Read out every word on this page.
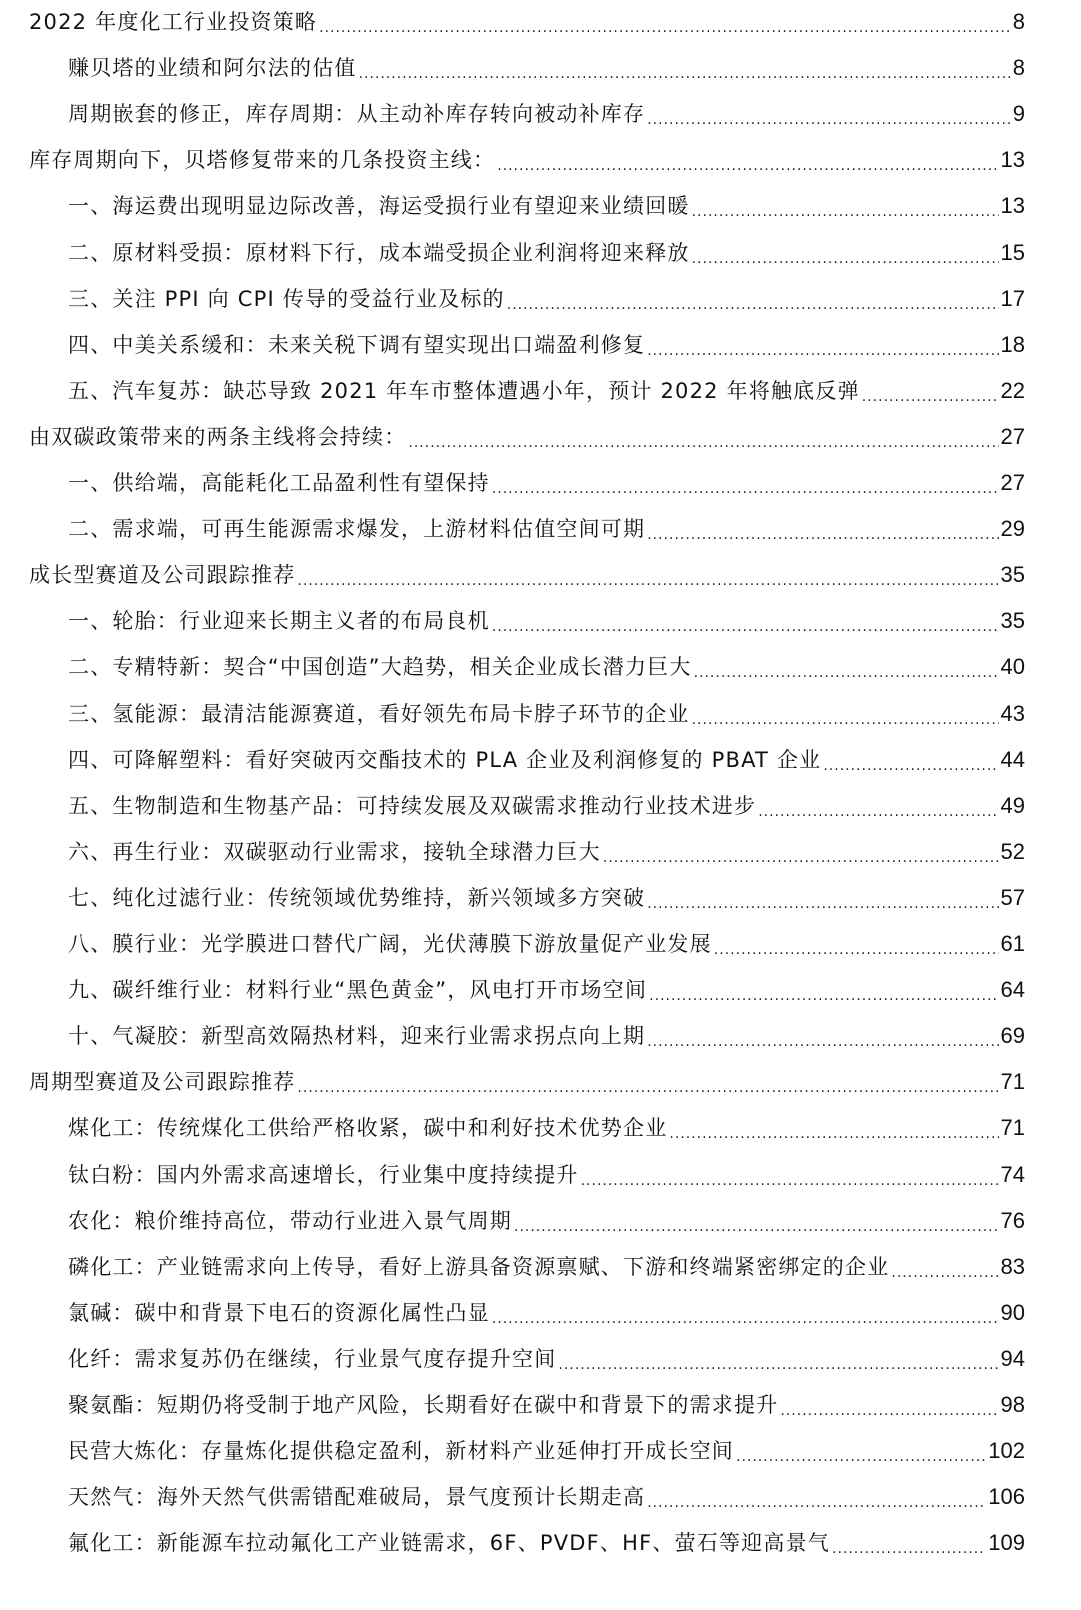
2022 年度化工行业投资策略 .....	8
赚贝塔的业绩和阿尔法的估值 .....	8
周期嵌套的修正，库存周期：从主动补库存转向被动补库存 .....	9
库存周期向下，贝塔修复带来的几条投资主线： .....	13
一、海运费出现明显边际改善，海运受损行业有望迎来业绩回暖 .....	13
二、原材料受损：原材料下行，成本端受损企业利润将迎来释放 .....	15
三、关注 PPI 向 CPI 传导的受益行业及标的 .....	17
四、中美关系缓和：未来关税下调有望实现出口端盈利修复 .....	18
五、汽车复苏：缺芯导致 2021 年车市整体遭遇小年，预计 2022 年将触底反弹 .....	22
由双碳政策带来的两条主线将会持续： .....	27
一、供给端，高能耗化工品盈利性有望保持 .....	27
二、需求端，可再生能源需求爆发，上游材料估值空间可期 .....	29
成长型赛道及公司跟踪推荐 .....	35
一、轮胎：行业迎来长期主义者的布局良机 .....	35
二、专精特新：契合“中国创造”大趋势，相关企业成长潜力巨大 .....	40
三、氢能源：最清洁能源赛道，看好领先布局卡脖子环节的企业 .....	43
四、可降解塑料：看好突破丙交酯技术的 PLA 企业及利润修复的 PBAT 企业 .....	44
五、生物制造和生物基产品：可持续发展及双碳需求推动行业技术进步 .....	49
六、再生行业：双碳驱动行业需求，接轨全球潜力巨大 .....	52
七、纯化过滤行业：传统领域优势维持，新兴领域多方突破 .....	57
八、膜行业：光学膜进口替代广阔，光伏薄膜下游放量促产业发展 .....	61
九、碳纤维行业：材料行业“黑色黄金”，风电打开市场空间 .....	64
十、气凝胶：新型高效隔热材料，迎来行业需求拐点向上期 .....	69
周期型赛道及公司跟踪推荐 .....	71
煤化工：传统煤化工供给严格收紧，碳中和利好技术优势企业 .....	71
钛白粉：国内外需求高速增长，行业集中度持续提升 .....	74
农化：粮价维持高位，带动行业进入景气周期 .....	76
磷化工：产业链需求向上传导，看好上游具备资源禀赋、下游和终端紧密绑定的企业 .....	83
氯碱：碳中和背景下电石的资源化属性凸显 .....	90
化纤：需求复苏仍在继续，行业景气度存提升空间 .....	94
聚氨酯：短期仍将受制于地产风险，长期看好在碳中和背景下的需求提升 .....	98
民营大炼化：存量炼化提供稳定盈利，新材料产业延伸打开成长空间 .....	102
天然气：海外天然气供需错配难破局，景气度预计长期走高 .....	106
氟化工：新能源车拉动氟化工产业链需求，6F、PVDF、HF、萤石等迎高景气 .....	109
